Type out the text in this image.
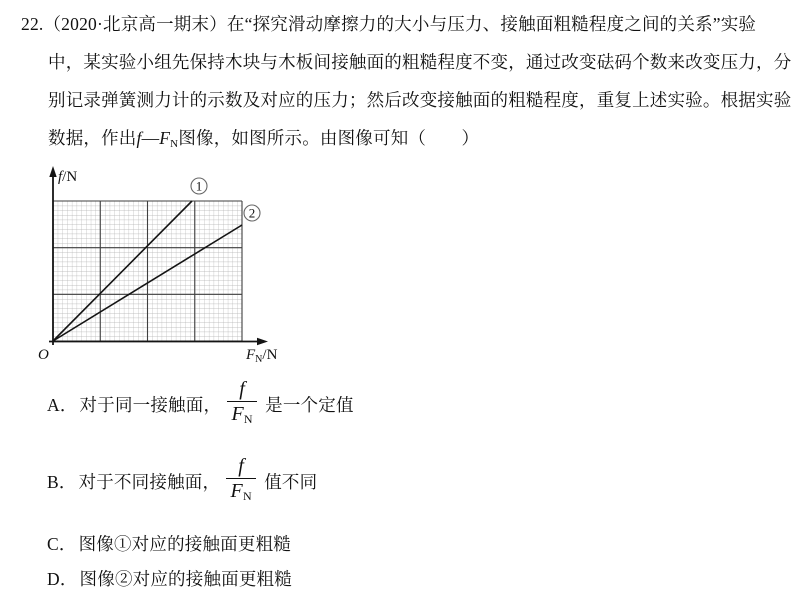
22.（2020·北京高一期末）在“探究滑动摩擦力的大小与压力、接触面粗糙程度之间的关系”实验
中，某实验小组先保持木块与木板间接触面的粗糙程度不变，通过改变砝码个数来改变压力，分
别记录弹簧测力计的示数及对应的压力；然后改变接触面的粗糙程度，重复上述实验。根据实验
数据，作出$f—F_N$图像，如图所示。由图像可知（　　）
1
2
f/N
$F_N/N$
O
A． 对于同一接触面， $\frac{f}{F_N}$ 是一个定值
B． 对于不同接触面， $\frac{f}{F_N}$ 值不同
C． 图像①对应的接触面更粗糙
D． 图像②对应的接触面更粗糙
